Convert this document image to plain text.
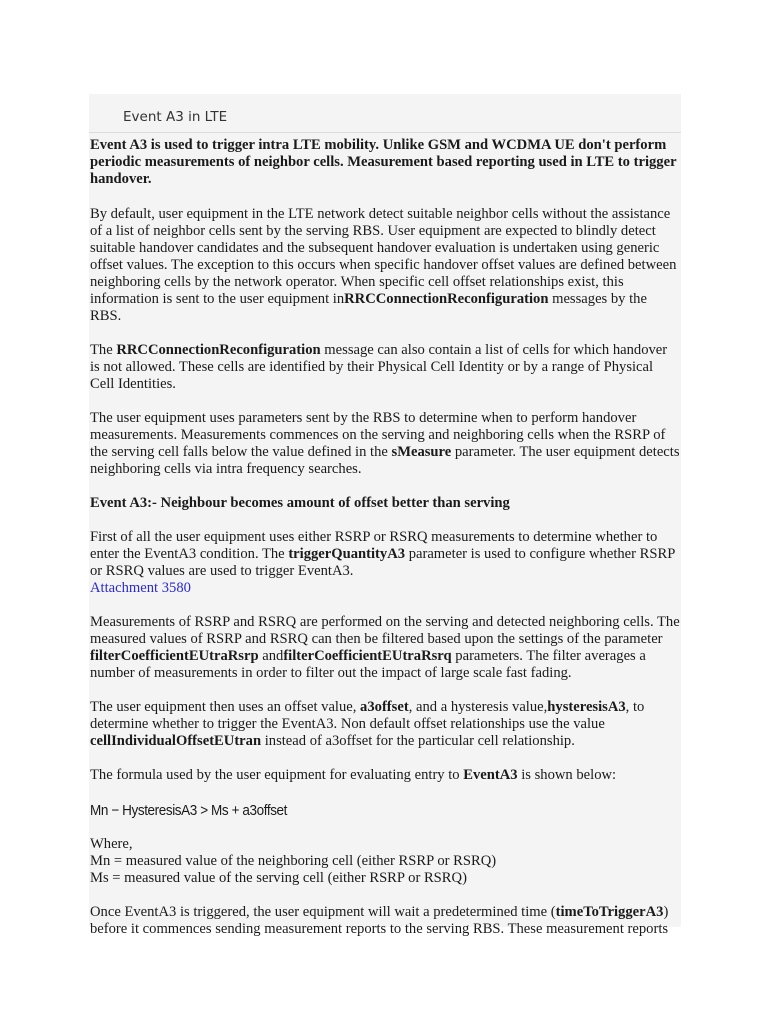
Event A3 in LTE

Event A3 is used to trigger intra LTE mobility. Unlike GSM and WCDMA UE don't perform periodic measurements of neighbor cells. Measurement based reporting used in LTE to trigger handover.

By default, user equipment in the LTE network detect suitable neighbor cells without the assistance of a list of neighbor cells sent by the serving RBS. User equipment are expected to blindly detect suitable handover candidates and the subsequent handover evaluation is undertaken using generic offset values. The exception to this occurs when specific handover offset values are defined between neighboring cells by the network operator. When specific cell offset relationships exist, this information is sent to the user equipment inRRCConnectionReconfiguration messages by the RBS.

The RRCConnectionReconfiguration message can also contain a list of cells for which handover is not allowed. These cells are identified by their Physical Cell Identity or by a range of Physical Cell Identities.

The user equipment uses parameters sent by the RBS to determine when to perform handover measurements. Measurements commences on the serving and neighboring cells when the RSRP of the serving cell falls below the value defined in the sMeasure parameter. The user equipment detects neighboring cells via intra frequency searches.

Event A3:- Neighbour becomes amount of offset better than serving

First of all the user equipment uses either RSRP or RSRQ measurements to determine whether to enter the EventA3 condition. The triggerQuantityA3 parameter is used to configure whether RSRP or RSRQ values are used to trigger EventA3.
Attachment 3580

Measurements of RSRP and RSRQ are performed on the serving and detected neighboring cells. The measured values of RSRP and RSRQ can then be filtered based upon the settings of the parameter filterCoefficientEUtraRsrp andfilterCoefficientEUtraRsrq parameters. The filter averages a number of measurements in order to filter out the impact of large scale fast fading.

The user equipment then uses an offset value, a3offset, and a hysteresis value,hysteresisA3, to determine whether to trigger the EventA3. Non default offset relationships use the value cellIndividualOffsetEUtran instead of a3offset for the particular cell relationship.

The formula used by the user equipment for evaluating entry to EventA3 is shown below:

Mn − HysteresisA3 > Ms + a3offset

Where,
Mn = measured value of the neighboring cell (either RSRP or RSRQ)
Ms = measured value of the serving cell (either RSRP or RSRQ)

Once EventA3 is triggered, the user equipment will wait a predetermined time (timeToTriggerA3) before it commences sending measurement reports to the serving RBS. These measurement reports
